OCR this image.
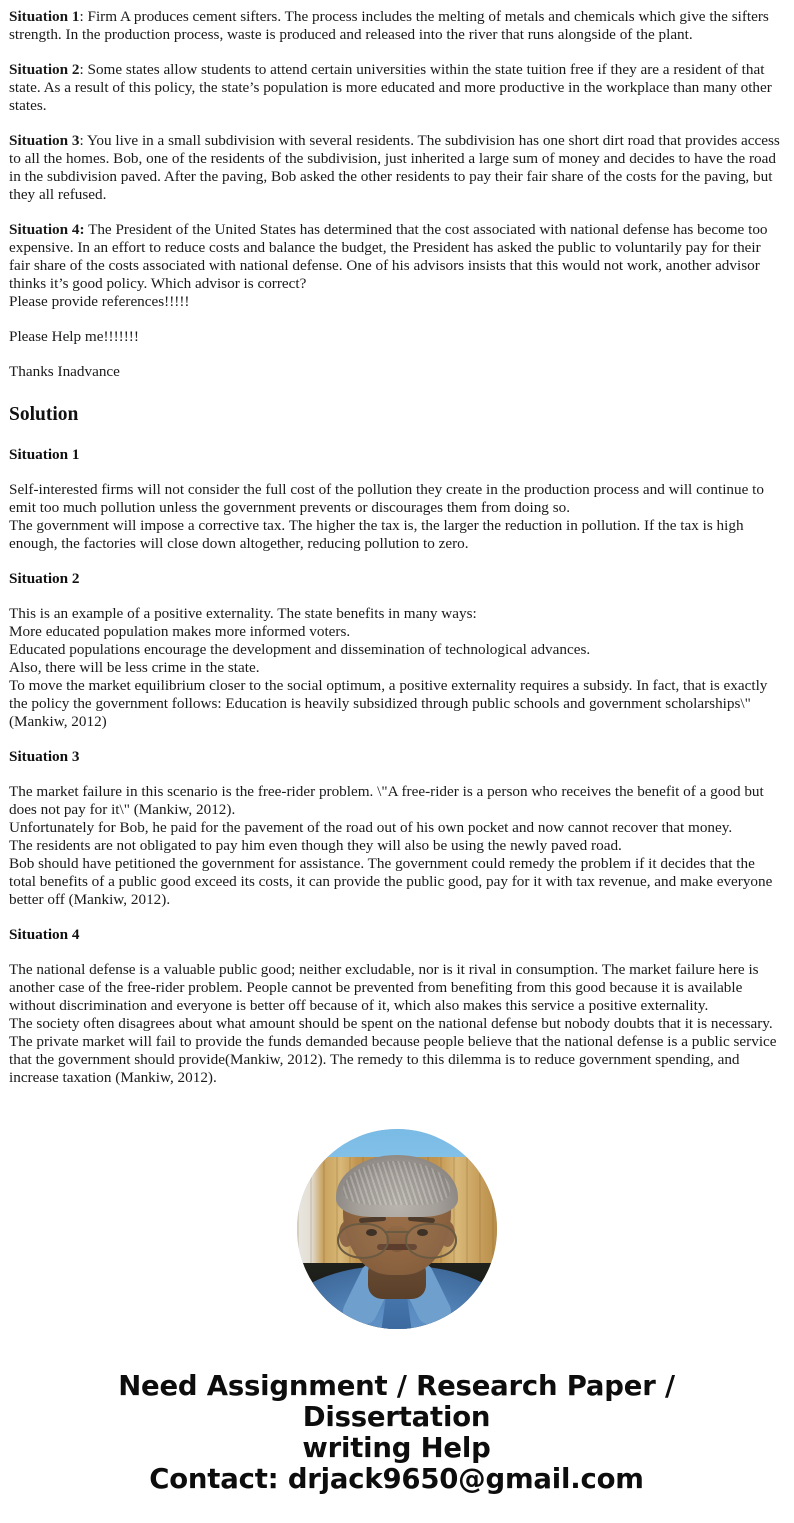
Situation 1: Firm A produces cement sifters. The process includes the melting of metals and chemicals which give the sifters strength. In the production process, waste is produced and released into the river that runs alongside of the plant.

Situation 2: Some states allow students to attend certain universities within the state tuition free if they are a resident of that state. As a result of this policy, the state’s population is more educated and more productive in the workplace than many other states.

Situation 3: You live in a small subdivision with several residents. The subdivision has one short dirt road that provides access to all the homes. Bob, one of the residents of the subdivision, just inherited a large sum of money and decides to have the road in the subdivision paved. After the paving, Bob asked the other residents to pay their fair share of the costs for the paving, but they all refused.

Situation 4: The President of the United States has determined that the cost associated with national defense has become too expensive. In an effort to reduce costs and balance the budget, the President has asked the public to voluntarily pay for their fair share of the costs associated with national defense. One of his advisors insists that this would not work, another advisor thinks it’s good policy. Which advisor is correct?

Please provide references!!!!!

Please Help me!!!!!!!

Thanks Inadvance

Solution
Situation 1
Self-interested firms will not consider the full cost of the pollution they create in the production process and will continue to emit too much pollution unless the government prevents or discourages them from doing so.
The government will impose a corrective tax. The higher the tax is, the larger the reduction in pollution. If the tax is high enough, the factories will close down altogether, reducing pollution to zero.
Situation 2
This is an example of a positive externality. The state benefits in many ways:
More educated population makes more informed voters.
Educated populations encourage the development and dissemination of technological advances.
Also, there will be less crime in the state.
To move the market equilibrium closer to the social optimum, a positive externality requires a subsidy. In fact, that is exactly the policy the government follows: Education is heavily subsidized through public schools and government scholarships\" (Mankiw, 2012)
Situation 3
The market failure in this scenario is the free-rider problem. \"A free-rider is a person who receives the benefit of a good but does not pay for it\" (Mankiw, 2012).
Unfortunately for Bob, he paid for the pavement of the road out of his own pocket and now cannot recover that money.
The residents are not obligated to pay him even though they will also be using the newly paved road.
Bob should have petitioned the government for assistance. The government could remedy the problem if it decides that the total benefits of a public good exceed its costs, it can provide the public good, pay for it with tax revenue, and make everyone better off (Mankiw, 2012).
Situation 4
The national defense is a valuable public good; neither excludable, nor is it rival in consumption. The market failure here is another case of the free-rider problem. People cannot be prevented from benefiting from this good because it is available without discrimination and everyone is better off because of it, which also makes this service a positive externality.
The society often disagrees about what amount should be spent on the national defense but nobody doubts that it is necessary. The private market will fail to provide the funds demanded because people believe that the national defense is a public service that the government should provide(Mankiw, 2012). The remedy to this dilemma is to reduce government spending, and increase taxation (Mankiw, 2012).
Need Assignment / Research Paper / Dissertation
writing Help
Contact: drjack9650@gmail.com
